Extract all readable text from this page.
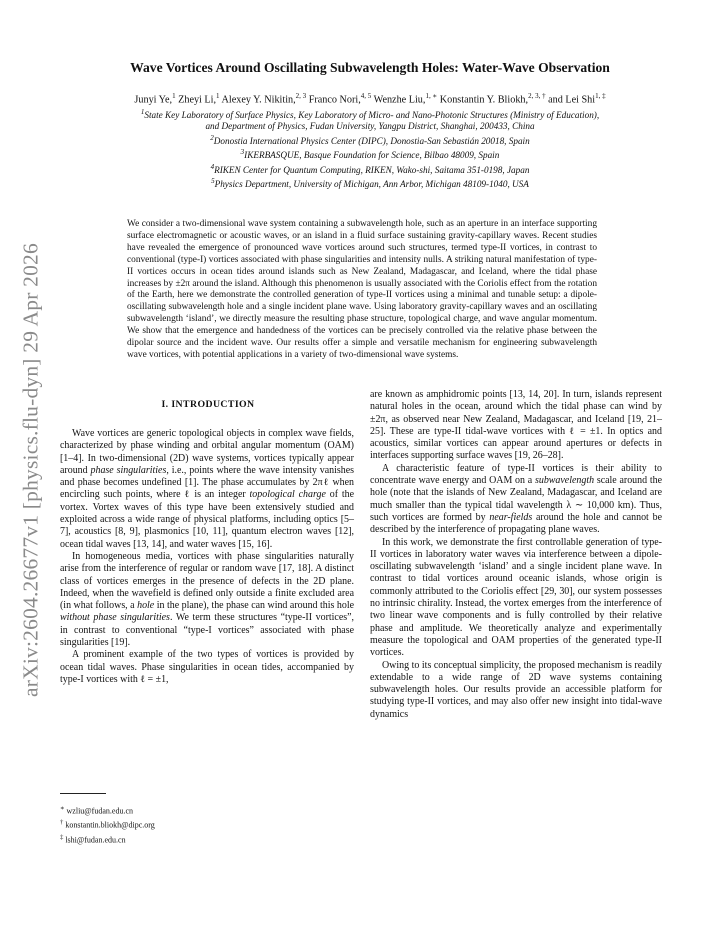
arXiv:2604.26677v1 [physics.flu-dyn] 29 Apr 2026
Wave Vortices Around Oscillating Subwavelength Holes: Water-Wave Observation
Junyi Ye,$^1$ Zheyi Li,$^1$ Alexey Y. Nikitin,$^{2, 3}$ Franco Nori,$^{4, 5}$ Wenzhe Liu,$^{1, ∗}$ Konstantin Y. Bliokh,$^{2, 3, \dagger}$ and Lei Shi$^{1, \ddagger}$
$^1$State Key Laboratory of Surface Physics, Key Laboratory of Micro- and Nano-Photonic Structures (Ministry of Education),
and Department of Physics, Fudan University, Yangpu District, Shanghai, 200433, China
$^2$Donostia International Physics Center (DIPC), Donostia-San Sebastián 20018, Spain
$^3$IKERBASQUE, Basque Foundation for Science, Bilbao 48009, Spain
$^4$RIKEN Center for Quantum Computing, RIKEN, Wako-shi, Saitama 351-0198, Japan
$^5$Physics Department, University of Michigan, Ann Arbor, Michigan 48109-1040, USA

We consider a two-dimensional wave system containing a subwavelength hole, such as an aperture in an interface supporting surface electromagnetic or acoustic waves, or an island in a fluid surface sustaining gravity-capillary waves. Recent studies have revealed the emergence of pronounced wave vortices around such structures, termed type-II vortices, in contrast to conventional (type-I) vortices associated with phase singularities and intensity nulls. A striking natural manifestation of type-II vortices occurs in ocean tides around islands such as New Zealand, Madagascar, and Iceland, where the tidal phase increases by ±2π around the island. Although this phenomenon is usually associated with the Coriolis effect from the rotation of the Earth, here we demonstrate the controlled generation of type-II vortices using a minimal and tunable setup: a dipole-oscillating subwavelength hole and a single incident plane wave. Using laboratory gravity-capillary waves and an oscillating subwavelength ‘island’, we directly measure the resulting phase structure, topological charge, and wave angular momentum. We show that the emergence and handedness of the vortices can be precisely controlled via the relative phase between the dipolar source and the incident wave. Our results offer a simple and versatile mechanism for engineering subwavelength wave vortices, with potential applications in a variety of two-dimensional wave systems.

I. INTRODUCTION

Wave vortices are generic topological objects in complex wave fields, characterized by phase winding and orbital angular momentum (OAM) [1–4]. In two-dimensional (2D) wave systems, vortices typically appear around phase singularities, i.e., points where the wave intensity vanishes and phase becomes undefined [1]. The phase accumulates by 2πℓ when encircling such points, where ℓ is an integer topological charge of the vortex. Vortex waves of this type have been extensively studied and exploited across a wide range of physical platforms, including optics [5–7], acoustics [8, 9], plasmonics [10, 11], quantum electron waves [12], ocean tidal waves [13, 14], and water waves [15, 16].

In homogeneous media, vortices with phase singularities naturally arise from the interference of regular or random wave [17, 18]. A distinct class of vortices emerges in the presence of defects in the 2D plane. Indeed, when the wavefield is defined only outside a finite excluded area (in what follows, a hole in the plane), the phase can wind around this hole without phase singularities. We term these structures “type-II vortices”, in contrast to conventional “type-I vortices” associated with phase singularities [19].

A prominent example of the two types of vortices is provided by ocean tidal waves. Phase singularities in ocean tides, accompanied by type-I vortices with ℓ = ±1,

are known as amphidromic points [13, 14, 20]. In turn, islands represent natural holes in the ocean, around which the tidal phase can wind by ±2π, as observed near New Zealand, Madagascar, and Iceland [19, 21–25]. These are type-II tidal-wave vortices with ℓ = ±1. In optics and acoustics, similar vortices can appear around apertures or defects in interfaces supporting surface waves [19, 26–28].

A characteristic feature of type-II vortices is their ability to concentrate wave energy and OAM on a subwavelength scale around the hole (note that the islands of New Zealand, Madagascar, and Iceland are much smaller than the typical tidal wavelength λ ∼ 10,000 km). Thus, such vortices are formed by near-fields around the hole and cannot be described by the interference of propagating plane waves.

In this work, we demonstrate the first controllable generation of type-II vortices in laboratory water waves via interference between a dipole-oscillating subwavelength ‘island’ and a single incident plane wave. In contrast to tidal vortices around oceanic islands, whose origin is commonly attributed to the Coriolis effect [29, 30], our system possesses no intrinsic chirality. Instead, the vortex emerges from the interference of two linear wave components and is fully controlled by their relative phase and amplitude. We theoretically analyze and experimentally measure the topological and OAM properties of the generated type-II vortices.

Owing to its conceptual simplicity, the proposed mechanism is readily extendable to a wide range of 2D wave systems containing subwavelength holes. Our results provide an accessible platform for studying type-II vortices, and may also offer new insight into tidal-wave dynamics

∗ wzliu@fudan.edu.cn
† konstantin.bliokh@dipc.org
‡ lshi@fudan.edu.cn
